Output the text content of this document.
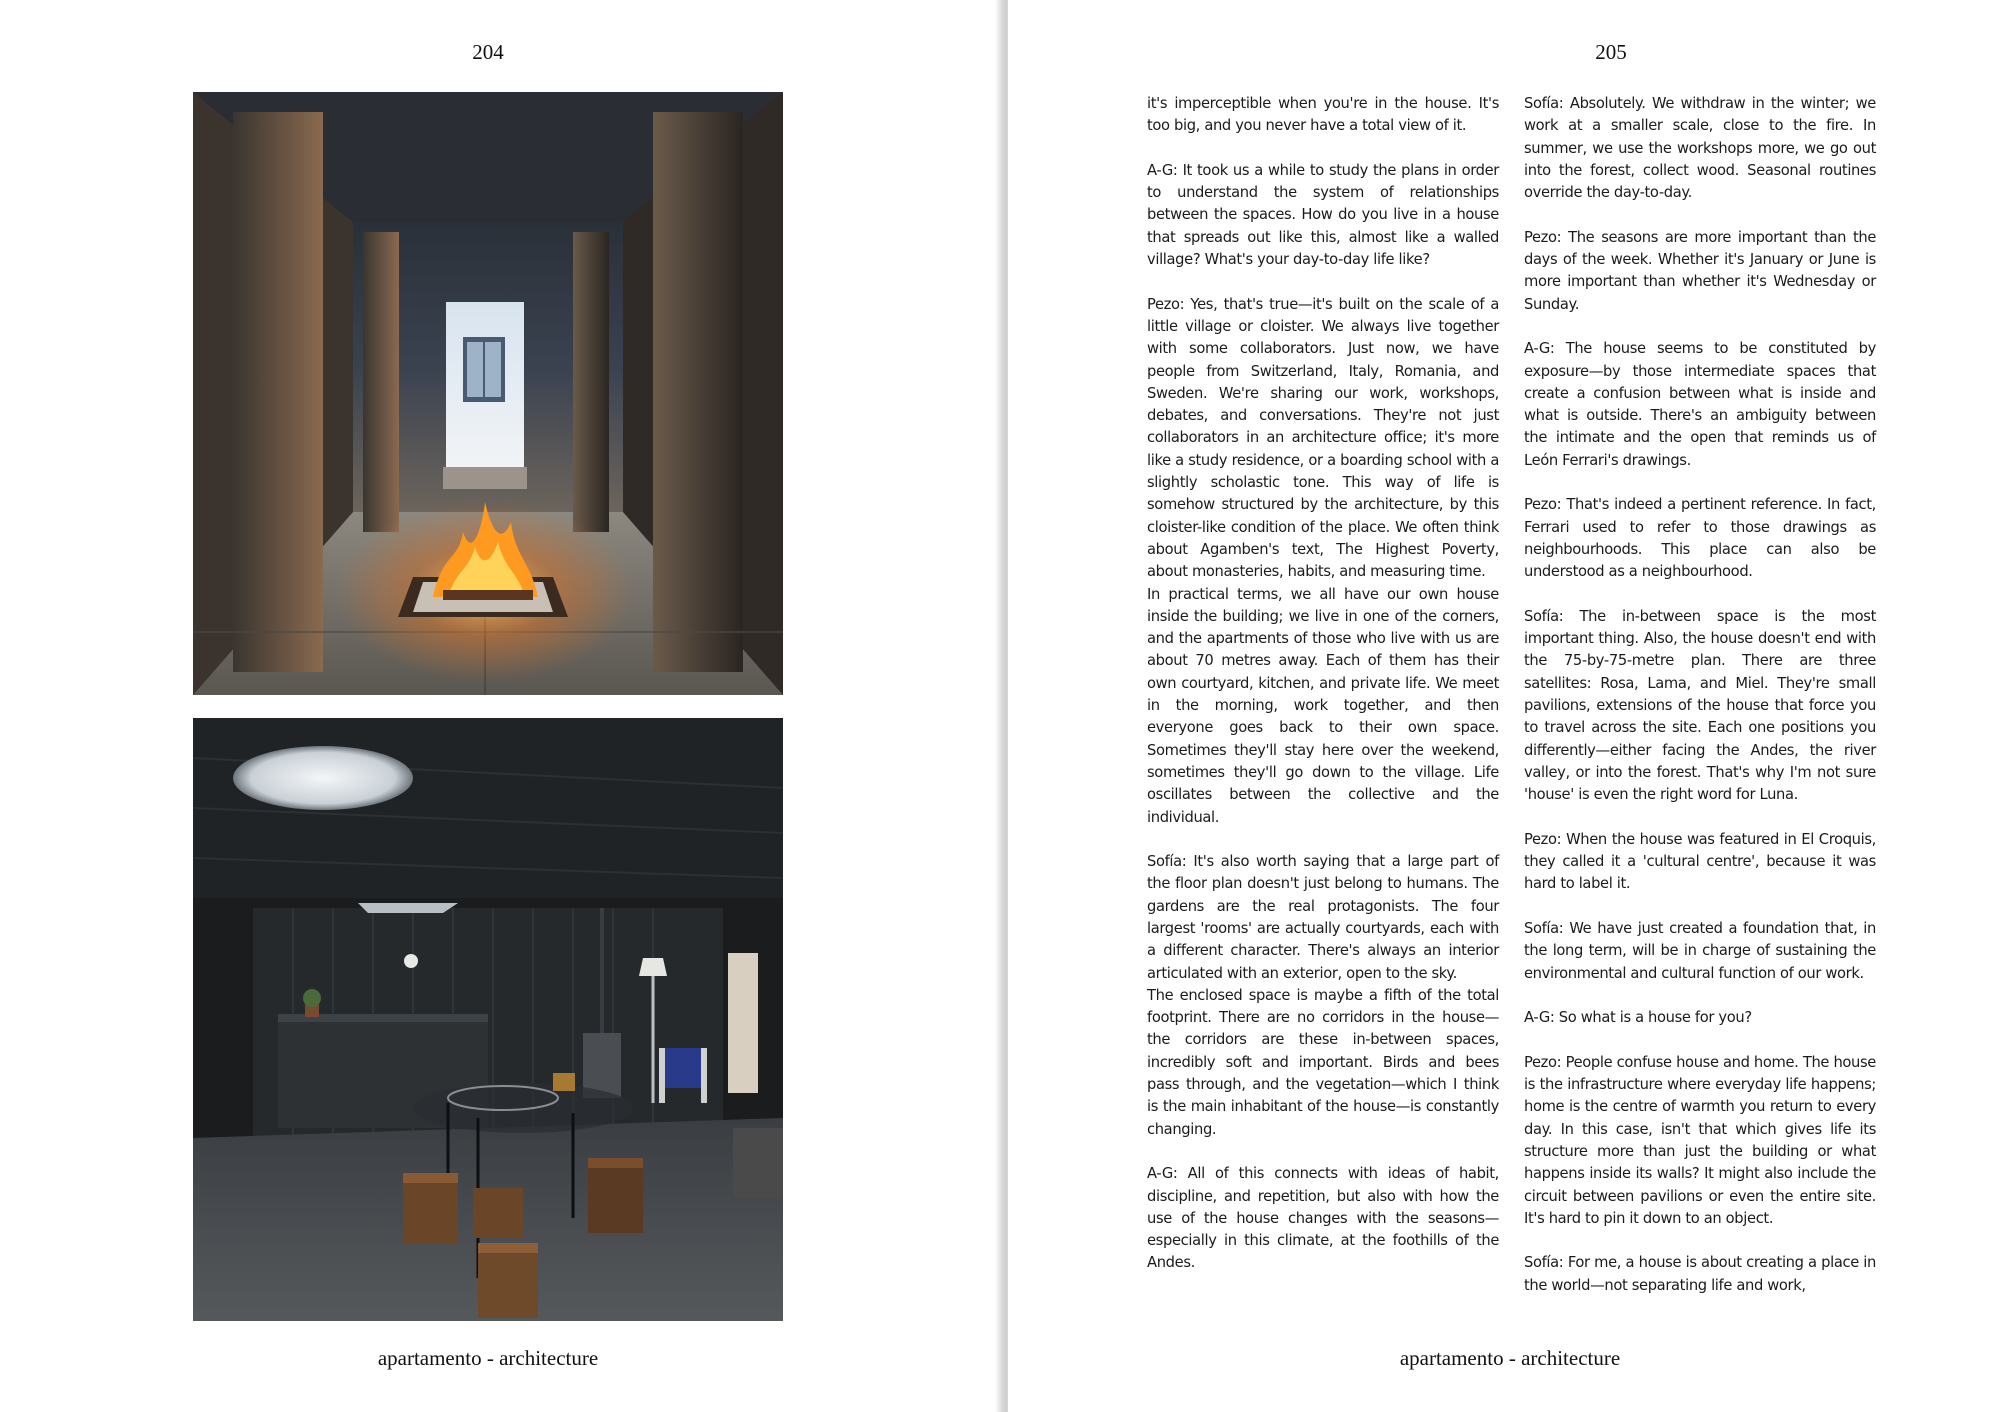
204
apartamento - architecture
205

it's imperceptible when you're in the house. It's too big, and you never have a total view of it.

A-G: It took us a while to study the plans in order to understand the system of relationships between the spaces. How do you live in a house that spreads out like this, almost like a walled village? What's your day-to-day life like?

Pezo: Yes, that's true—it's built on the scale of a little village or cloister. We always live together with some collaborators. Just now, we have people from Switzerland, Italy, Romania, and Sweden. We're sharing our work, workshops, debates, and conversations. They're not just collaborators in an architecture office; it's more like a study residence, or a boarding school with a slightly scholastic tone. This way of life is somehow structured by the architecture, by this cloister-like condition of the place. We often think about Agamben's text, The Highest Poverty, about monasteries, habits, and measuring time.

In practical terms, we all have our own house inside the building; we live in one of the corners, and the apartments of those who live with us are about 70 metres away. Each of them has their own courtyard, kitchen, and private life. We meet in the morning, work together, and then everyone goes back to their own space. Sometimes they'll stay here over the weekend, sometimes they'll go down to the village. Life oscillates between the collective and the individual.

Sofía: It's also worth saying that a large part of the floor plan doesn't just belong to humans. The gardens are the real protagonists. The four largest 'rooms' are actually courtyards, each with a different character. There's always an interior articulated with an exterior, open to the sky.

The enclosed space is maybe a fifth of the total footprint. There are no corridors in the house—the corridors are these in-between spaces, incredibly soft and important. Birds and bees pass through, and the vegetation—which I think is the main inhabitant of the house—is constantly changing.

A-G: All of this connects with ideas of habit, discipline, and repetition, but also with how the use of the house changes with the seasons—especially in this climate, at the foothills of the Andes.

Sofía: Absolutely. We withdraw in the winter; we work at a smaller scale, close to the fire. In summer, we use the workshops more, we go out into the forest, collect wood. Seasonal routines override the day-to-day.

Pezo: The seasons are more important than the days of the week. Whether it's January or June is more important than whether it's Wednesday or Sunday.

A-G: The house seems to be constituted by exposure—by those intermediate spaces that create a confusion between what is inside and what is outside. There's an ambiguity between the intimate and the open that reminds us of León Ferrari's drawings.

Pezo: That's indeed a pertinent reference. In fact, Ferrari used to refer to those drawings as neighbourhoods. This place can also be understood as a neighbourhood.

Sofía: The in-between space is the most important thing. Also, the house doesn't end with the 75-by-75-metre plan. There are three satellites: Rosa, Lama, and Miel. They're small pavilions, extensions of the house that force you to travel across the site. Each one positions you differently—either facing the Andes, the river valley, or into the forest. That's why I'm not sure 'house' is even the right word for Luna.

Pezo: When the house was featured in El Croquis, they called it a 'cultural centre', because it was hard to label it.

Sofía: We have just created a foundation that, in the long term, will be in charge of sustaining the environmental and cultural function of our work.

A-G: So what is a house for you?

Pezo: People confuse house and home. The house is the infrastructure where everyday life happens; home is the centre of warmth you return to every day. In this case, isn't that which gives life its structure more than just the building or what happens inside its walls? It might also include the circuit between pavilions or even the entire site. It's hard to pin it down to an object.

Sofía: For me, a house is about creating a place in the world—not separating life and work,

apartamento - architecture
